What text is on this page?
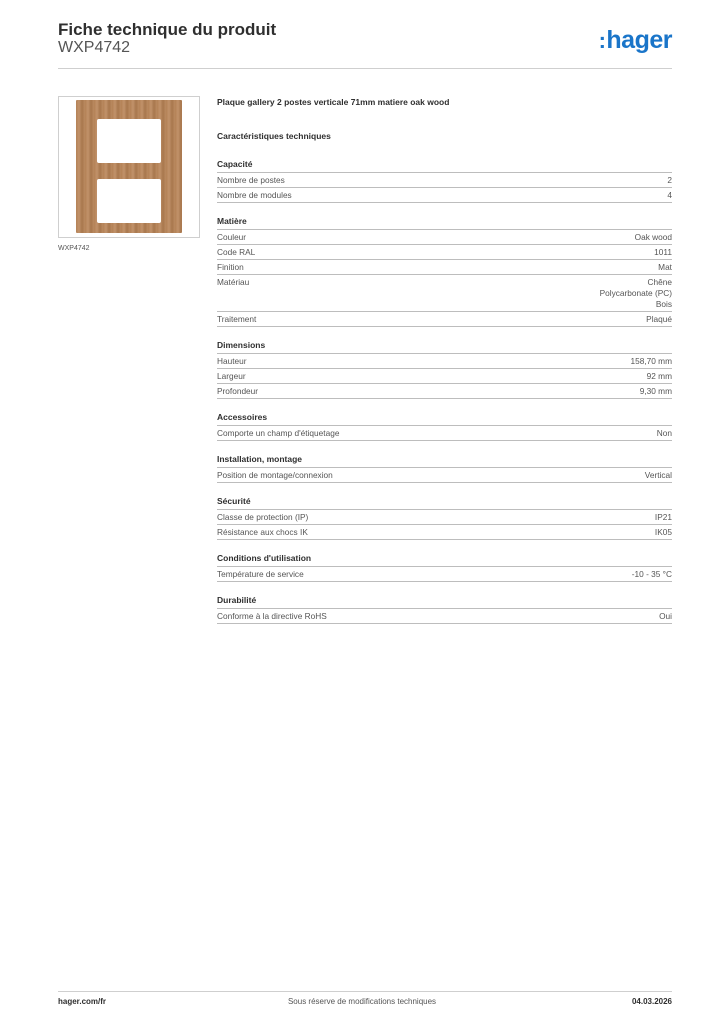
Fiche technique du produit
WXP4742	:hager
WXP4742
Plaque gallery 2 postes verticale 71mm matiere oak wood
Caractéristiques techniques
Capacité
Nombre de postes	2
Nombre de modules	4
Matière
Couleur	Oak wood
Code RAL	1011
Finition	Mat
Matériau	Chêne
Polycarbonate (PC)
Bois
Traitement	Plaqué
Dimensions
Hauteur	158,70 mm
Largeur	92 mm
Profondeur	9,30 mm
Accessoires
Comporte un champ d'étiquetage	Non
Installation, montage
Position de montage/connexion	Vertical
Sécurité
Classe de protection (IP)	IP21
Résistance aux chocs IK	IK05
Conditions d'utilisation
Température de service	-10 - 35 °C
Durabilité
Conforme à la directive RoHS	Oui
hager.com/fr	Sous réserve de modifications techniques	04.03.2026
